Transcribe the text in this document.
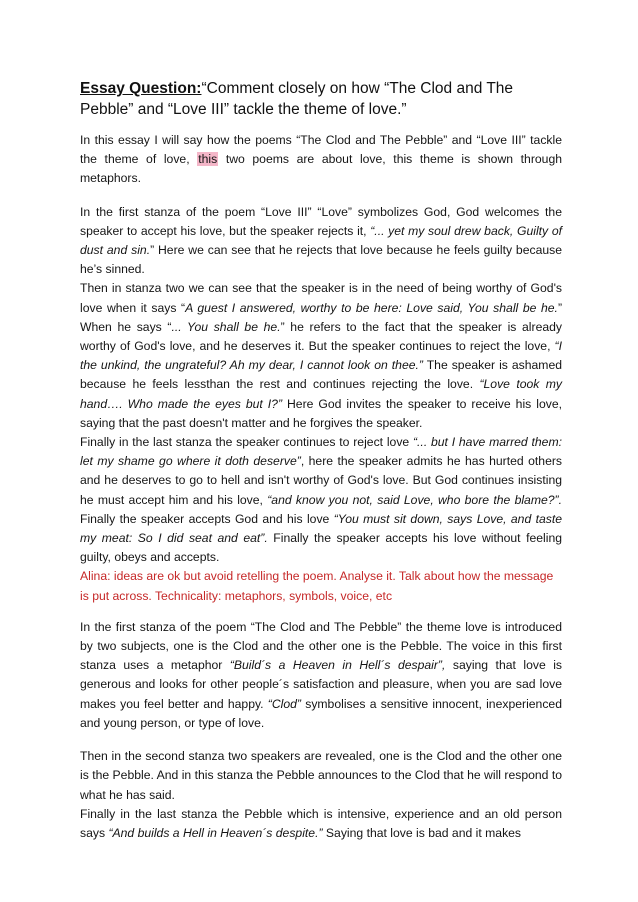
Essay Question:“Comment closely on how “The Clod and The Pebble” and “Love III” tackle the theme of love.”

In this essay I will say how the poems “The Clod and The Pebble” and “Love III” tackle the theme of love, this two poems are about love, this theme is shown through metaphors.

In the first stanza of the poem “Love III” “Love” symbolizes God, God welcomes the speaker to accept his love, but the speaker rejects it, “... yet my soul drew back, Guilty of dust and sin.” Here we can see that he rejects that love because he feels guilty because he’s sinned.

Then in stanza two we can see that the speaker is in the need of being worthy of God's love when it says “A guest I answered, worthy to be here: Love said, You shall be he.” When he says “... You shall be he.” he refers to the fact that the speaker is already worthy of God's love, and he deserves it. But the speaker continues to reject the love, “I the unkind, the ungrateful? Ah my dear, I cannot look on thee.” The speaker is ashamed because he feels lessthan the rest and continues rejecting the love. “Love took my hand…. Who made the eyes but I?” Here God invites the speaker to receive his love, saying that the past doesn't matter and he forgives the speaker.

Finally in the last stanza the speaker continues to reject love “... but I have marred them: let my shame go where it doth deserve”, here the speaker admits he has hurted others and he deserves to go to hell and isn't worthy of God's love. But God continues insisting he must accept him and his love, “and know you not, said Love, who bore the blame?”. Finally the speaker accepts God and his love “You must sit down, says Love, and taste my meat: So I did seat and eat”. Finally the speaker accepts his love without feeling guilty, obeys and accepts.

Alina: ideas are ok but avoid retelling the poem. Analyse it. Talk about how the message is put across. Technicality: metaphors, symbols, voice, etc

In the first stanza of the poem “The Clod and The Pebble” the theme love is introduced by two subjects, one is the Clod and the other one is the Pebble. The voice in this first stanza uses a metaphor “Build´s a Heaven in Hell´s despair”, saying that love is generous and looks for other people´s satisfaction and pleasure, when you are sad love makes you feel better and happy. “Clod” symbolises a sensitive innocent, inexperienced and young person, or type of love.

Then in the second stanza two speakers are revealed, one is the Clod and the other one is the Pebble. And in this stanza the Pebble announces to the Clod that he will respond to what he has said.

Finally in the last stanza the Pebble which is intensive, experience and an old person says “And builds a Hell in Heaven´s despite.” Saying that love is bad and it makes
